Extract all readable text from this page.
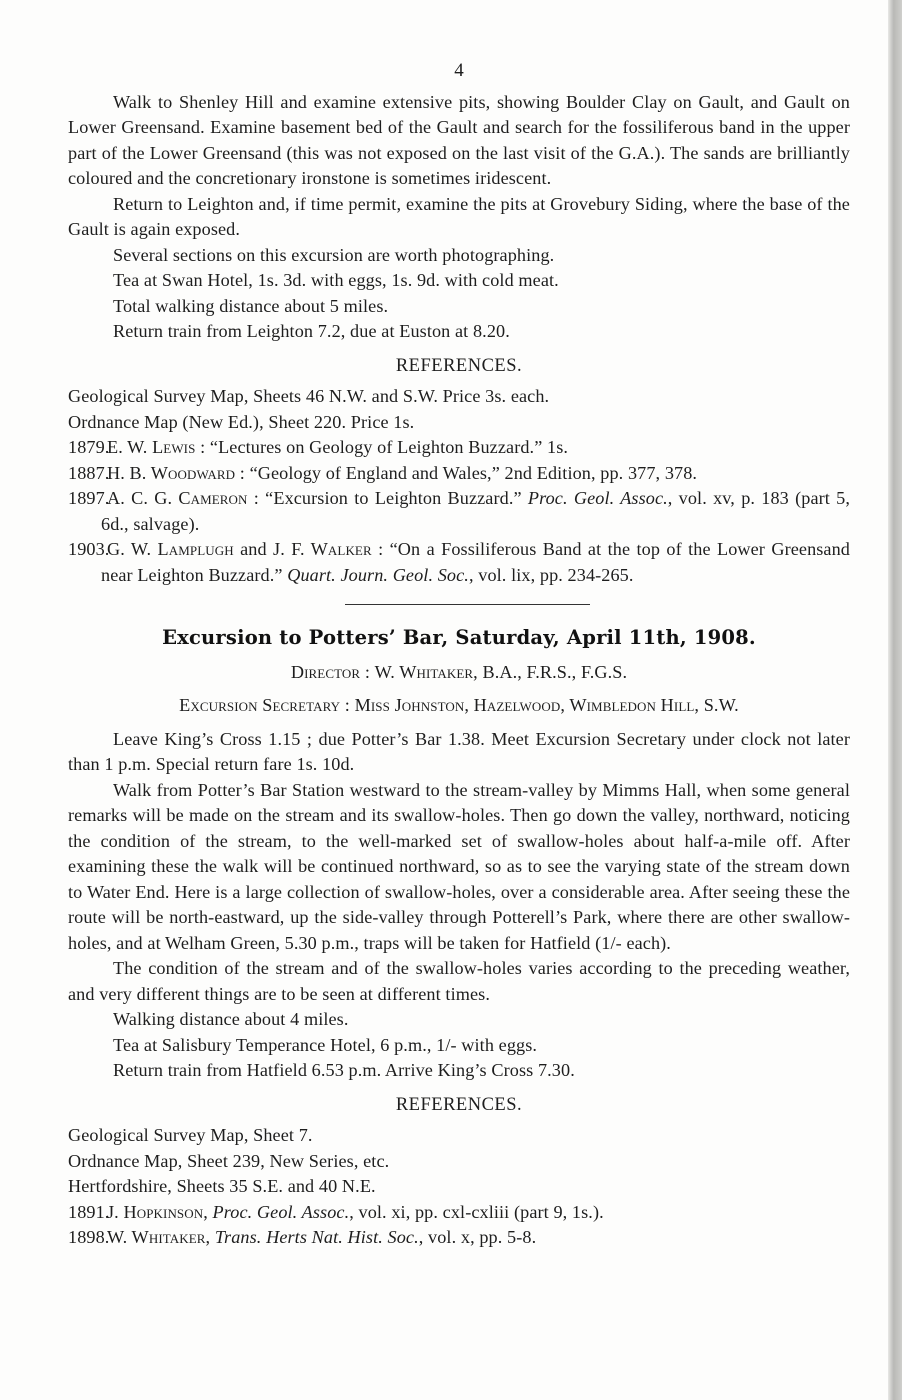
4

Walk to Shenley Hill and examine extensive pits, showing Boulder Clay on Gault, and Gault on Lower Greensand. Examine basement bed of the Gault and search for the fossiliferous band in the upper part of the Lower Greensand (this was not exposed on the last visit of the G.A.). The sands are brilliantly coloured and the concretionary ironstone is sometimes iridescent.

Return to Leighton and, if time permit, examine the pits at Grovebury Siding, where the base of the Gault is again exposed.

Several sections on this excursion are worth photographing.

Tea at Swan Hotel, 1s. 3d. with eggs, 1s. 9d. with cold meat.

Total walking distance about 5 miles.

Return train from Leighton 7.2, due at Euston at 8.20.

REFERENCES.

Geological Survey Map, Sheets 46 N.W. and S.W. Price 3s. each.

Ordnance Map (New Ed.), Sheet 220. Price 1s.

1879.E. W. Lewis : “Lectures on Geology of Leighton Buzzard.” 1s.

1887.H. B. Woodward : “Geology of England and Wales,” 2nd Edition, pp. 377, 378.

1897.A. C. G. Cameron : “Excursion to Leighton Buzzard.” Proc. Geol. Assoc., vol. xv, p. 183 (part 5, 6d., salvage).

1903.G. W. Lamplugh and J. F. Walker : “On a Fossiliferous Band at the top of the Lower Greensand near Leighton Buzzard.” Quart. Journ. Geol. Soc., vol. lix, pp. 234-265.

Excursion to Potters’ Bar, Saturday, April 11th, 1908.

Director : W. Whitaker, B.A., F.R.S., F.G.S.

Excursion Secretary : Miss Johnston, Hazelwood, Wimbledon Hill, S.W.

Leave King’s Cross 1.15 ; due Potter’s Bar 1.38. Meet Excursion Secretary under clock not later than 1 p.m. Special return fare 1s. 10d.

Walk from Potter’s Bar Station westward to the stream-valley by Mimms Hall, when some general remarks will be made on the stream and its swallow-holes. Then go down the valley, northward, noticing the condition of the stream, to the well-marked set of swallow-holes about half-a-mile off. After examining these the walk will be continued northward, so as to see the varying state of the stream down to Water End. Here is a large collection of swallow-holes, over a considerable area. After seeing these the route will be north-eastward, up the side-valley through Potterell’s Park, where there are other swallow-holes, and at Welham Green, 5.30 p.m., traps will be taken for Hatfield (1/- each).

The condition of the stream and of the swallow-holes varies according to the preceding weather, and very different things are to be seen at different times.

Walking distance about 4 miles.

Tea at Salisbury Temperance Hotel, 6 p.m., 1/- with eggs.

Return train from Hatfield 6.53 p.m. Arrive King’s Cross 7.30.

REFERENCES.

Geological Survey Map, Sheet 7.

Ordnance Map, Sheet 239, New Series, etc.

Hertfordshire, Sheets 35 S.E. and 40 N.E.

1891.J. Hopkinson, Proc. Geol. Assoc., vol. xi, pp. cxl-cxliii (part 9, 1s.).

1898.W. Whitaker, Trans. Herts Nat. Hist. Soc., vol. x, pp. 5-8.
